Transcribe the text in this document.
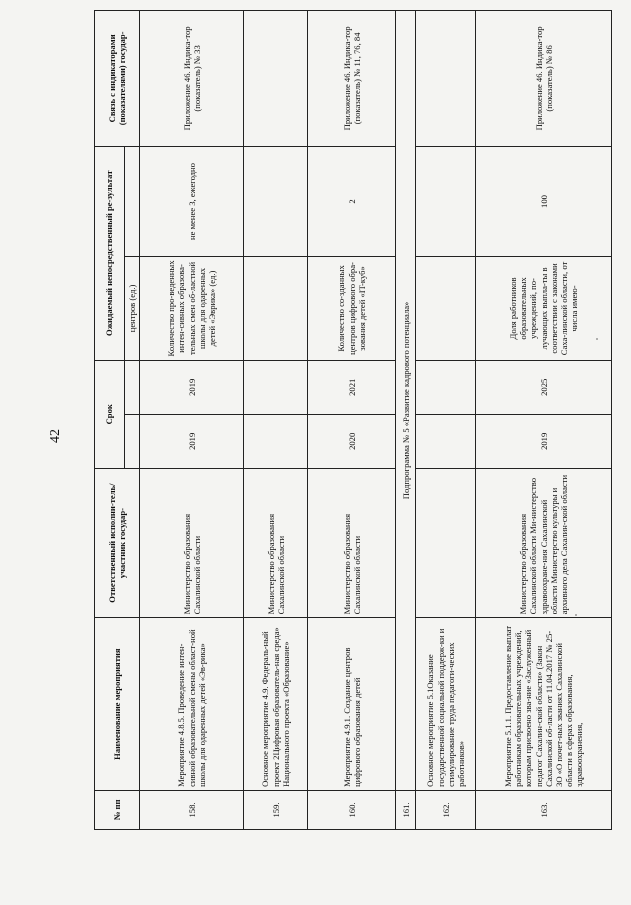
42
№ пп	Наименование мероприятия	Ответственный исполни-тель/участник государ-	Срок		Ожидаемый непосредственный ре-зультат		Связь с индикаторами (показателями) государ-
					центров (ед.)		
158.	Мероприятие 4.8.5. Проведение интен-сивной образовательной смены област-ной школы для одаренных детей «Эв-рика»	Министерство образования Сахалинской области	2019	2019	Количество про-веденных интен-сивных образова-тельных смен об-ластной школы для одаренных детей «Эврика» (ед.)	не менее 3, ежегодно	Приложение 46. Индика-тор (показатель) № 33
159.	Основное мероприятие 4.9. Федераль-ный проект 2Цифровая образователь-ная среда» Национального проекта «Образование»	Министерство образования Сахалинской области					
160.	Мероприятие 4.9.1. Создание центров цифрового образования детей	Министерство образования Сахалинской области	2020	2021	Количество со-зданных центров цифрового обра-зования детей «IT-куб»	2	Приложение 46. Индика-тор (показатель) № 11, 76, 84
161.	Подпрограмма № 5 «Развитие кадрового потенциала»						
162.	Основное мероприятие 5.1Оказание государственной социальной поддерж-ки и стимулирование труда педагоги-ческих работников»						
163.	Мероприятие 5.1.1. Предоставление выплат работникам образовательных учреждений, которым присвоено зва-ние «Заслуженный педагог Сахалин-ской области» (Закон Сахалинской об-ласти от 11.04.2017 № 25-ЗО «О почет-ных званиях Сахалинской области в сферах образования, здравоохранения,	Министерство образования Сахалинской области Ми-нистерство здравоохране-ния Сахалинской области Министерство культуры и архивного дела Сахалин-ской области	2019	2025	Доля работников образовательных учреждений, по-лучающих выпла-ты в соответствии с законами Саха-линской области, от числа имею-	100	Приложение 46. Индика-тор (показатель) № 86
